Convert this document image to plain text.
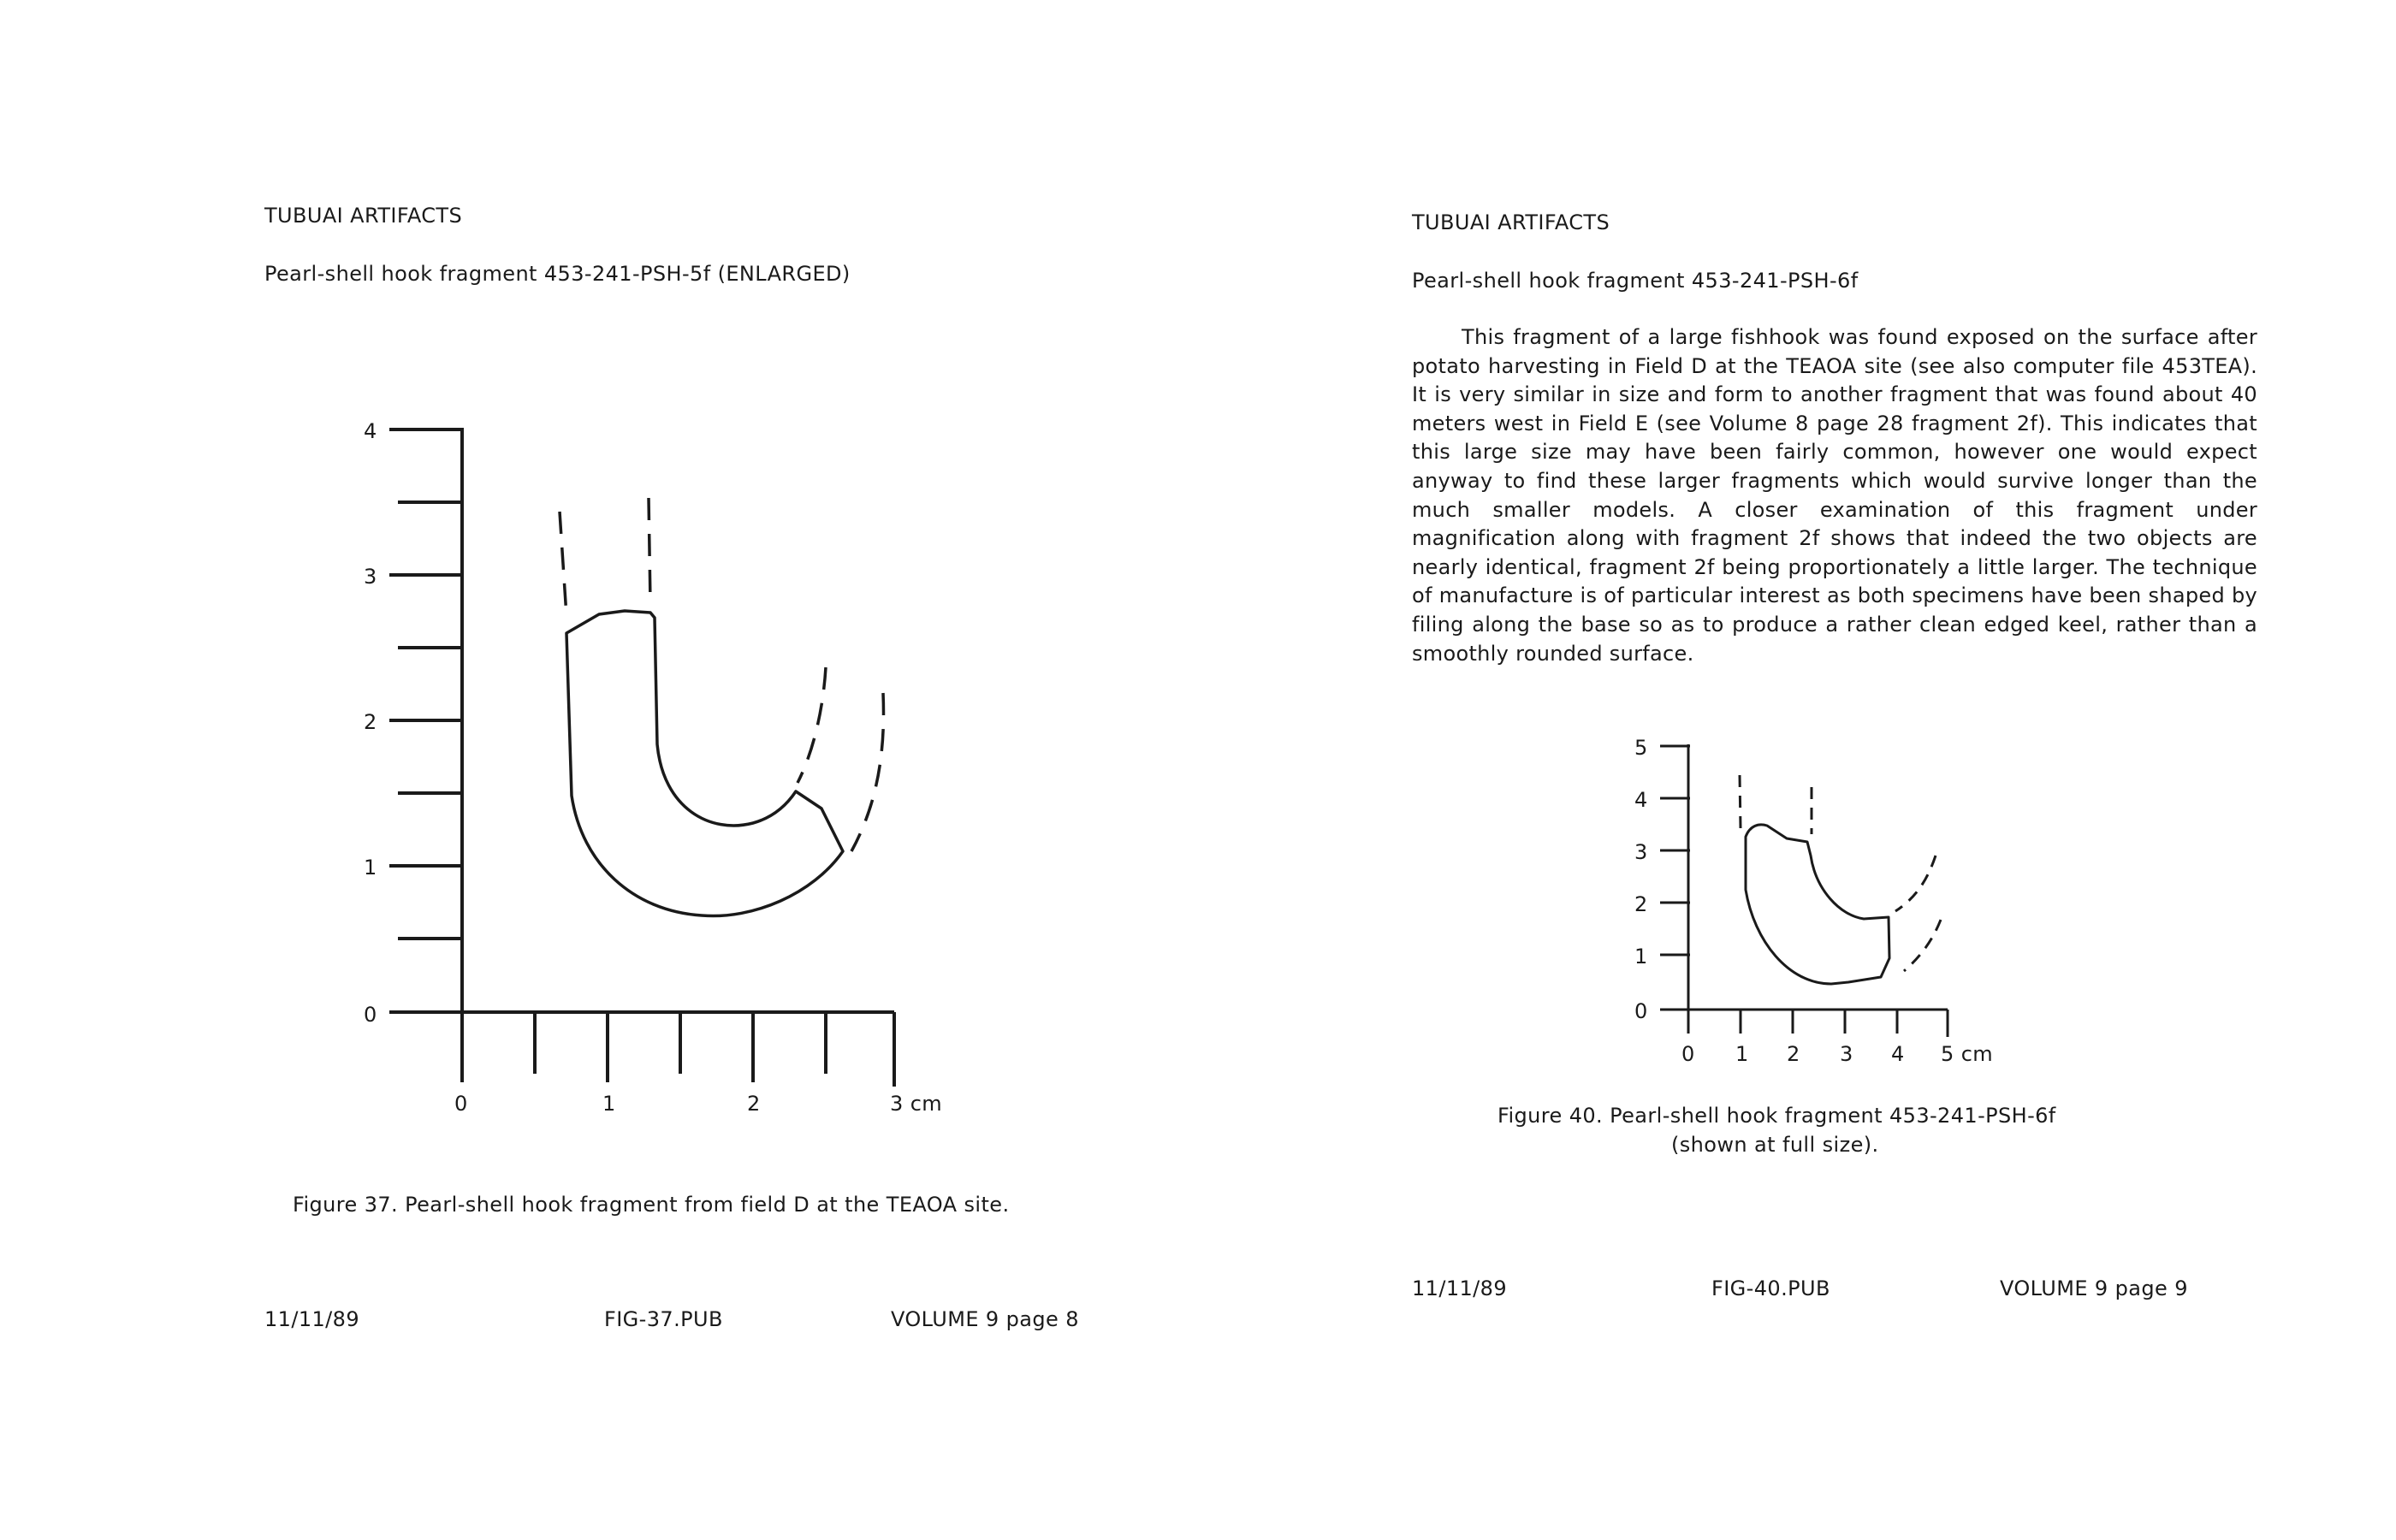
TUBUAI ARTIFACTS
Pearl-shell hook fragment 453-241-PSH-5f (ENLARGED)
4
3
2
1
0
0	1	2	3 cm
Figure 37. Pearl-shell hook fragment from field D at the TEAOA site.
11/11/89	FIG-37.PUB	VOLUME 9 page 8
TUBUAI ARTIFACTS
Pearl-shell hook fragment 453-241-PSH-6f

This fragment of a large fishhook was found exposed on the surface after potato harvesting in Field D at the TEAOA site (see also computer file 453TEA). It is very similar in size and form to another fragment that was found about 40 meters west in Field E (see Volume 8 page 28 fragment 2f). This indicates that this large size may have been fairly common, however one would expect anyway to find these larger fragments which would survive longer than the much smaller models. A closer examination of this fragment under magnification along with fragment 2f shows that indeed the two objects are nearly identical, fragment 2f being proportionately a little larger. The technique of manufacture is of particular interest as both specimens have been shaped by filing along the base so as to produce a rather clean edged keel, rather than a smoothly rounded surface.

5
4
3
2
1
0
0 1 2 3 4 5 cm
Figure 40. Pearl-shell hook fragment 453-241-PSH-6f
(shown at full size).
11/11/89	FIG-40.PUB	VOLUME 9 page 9
